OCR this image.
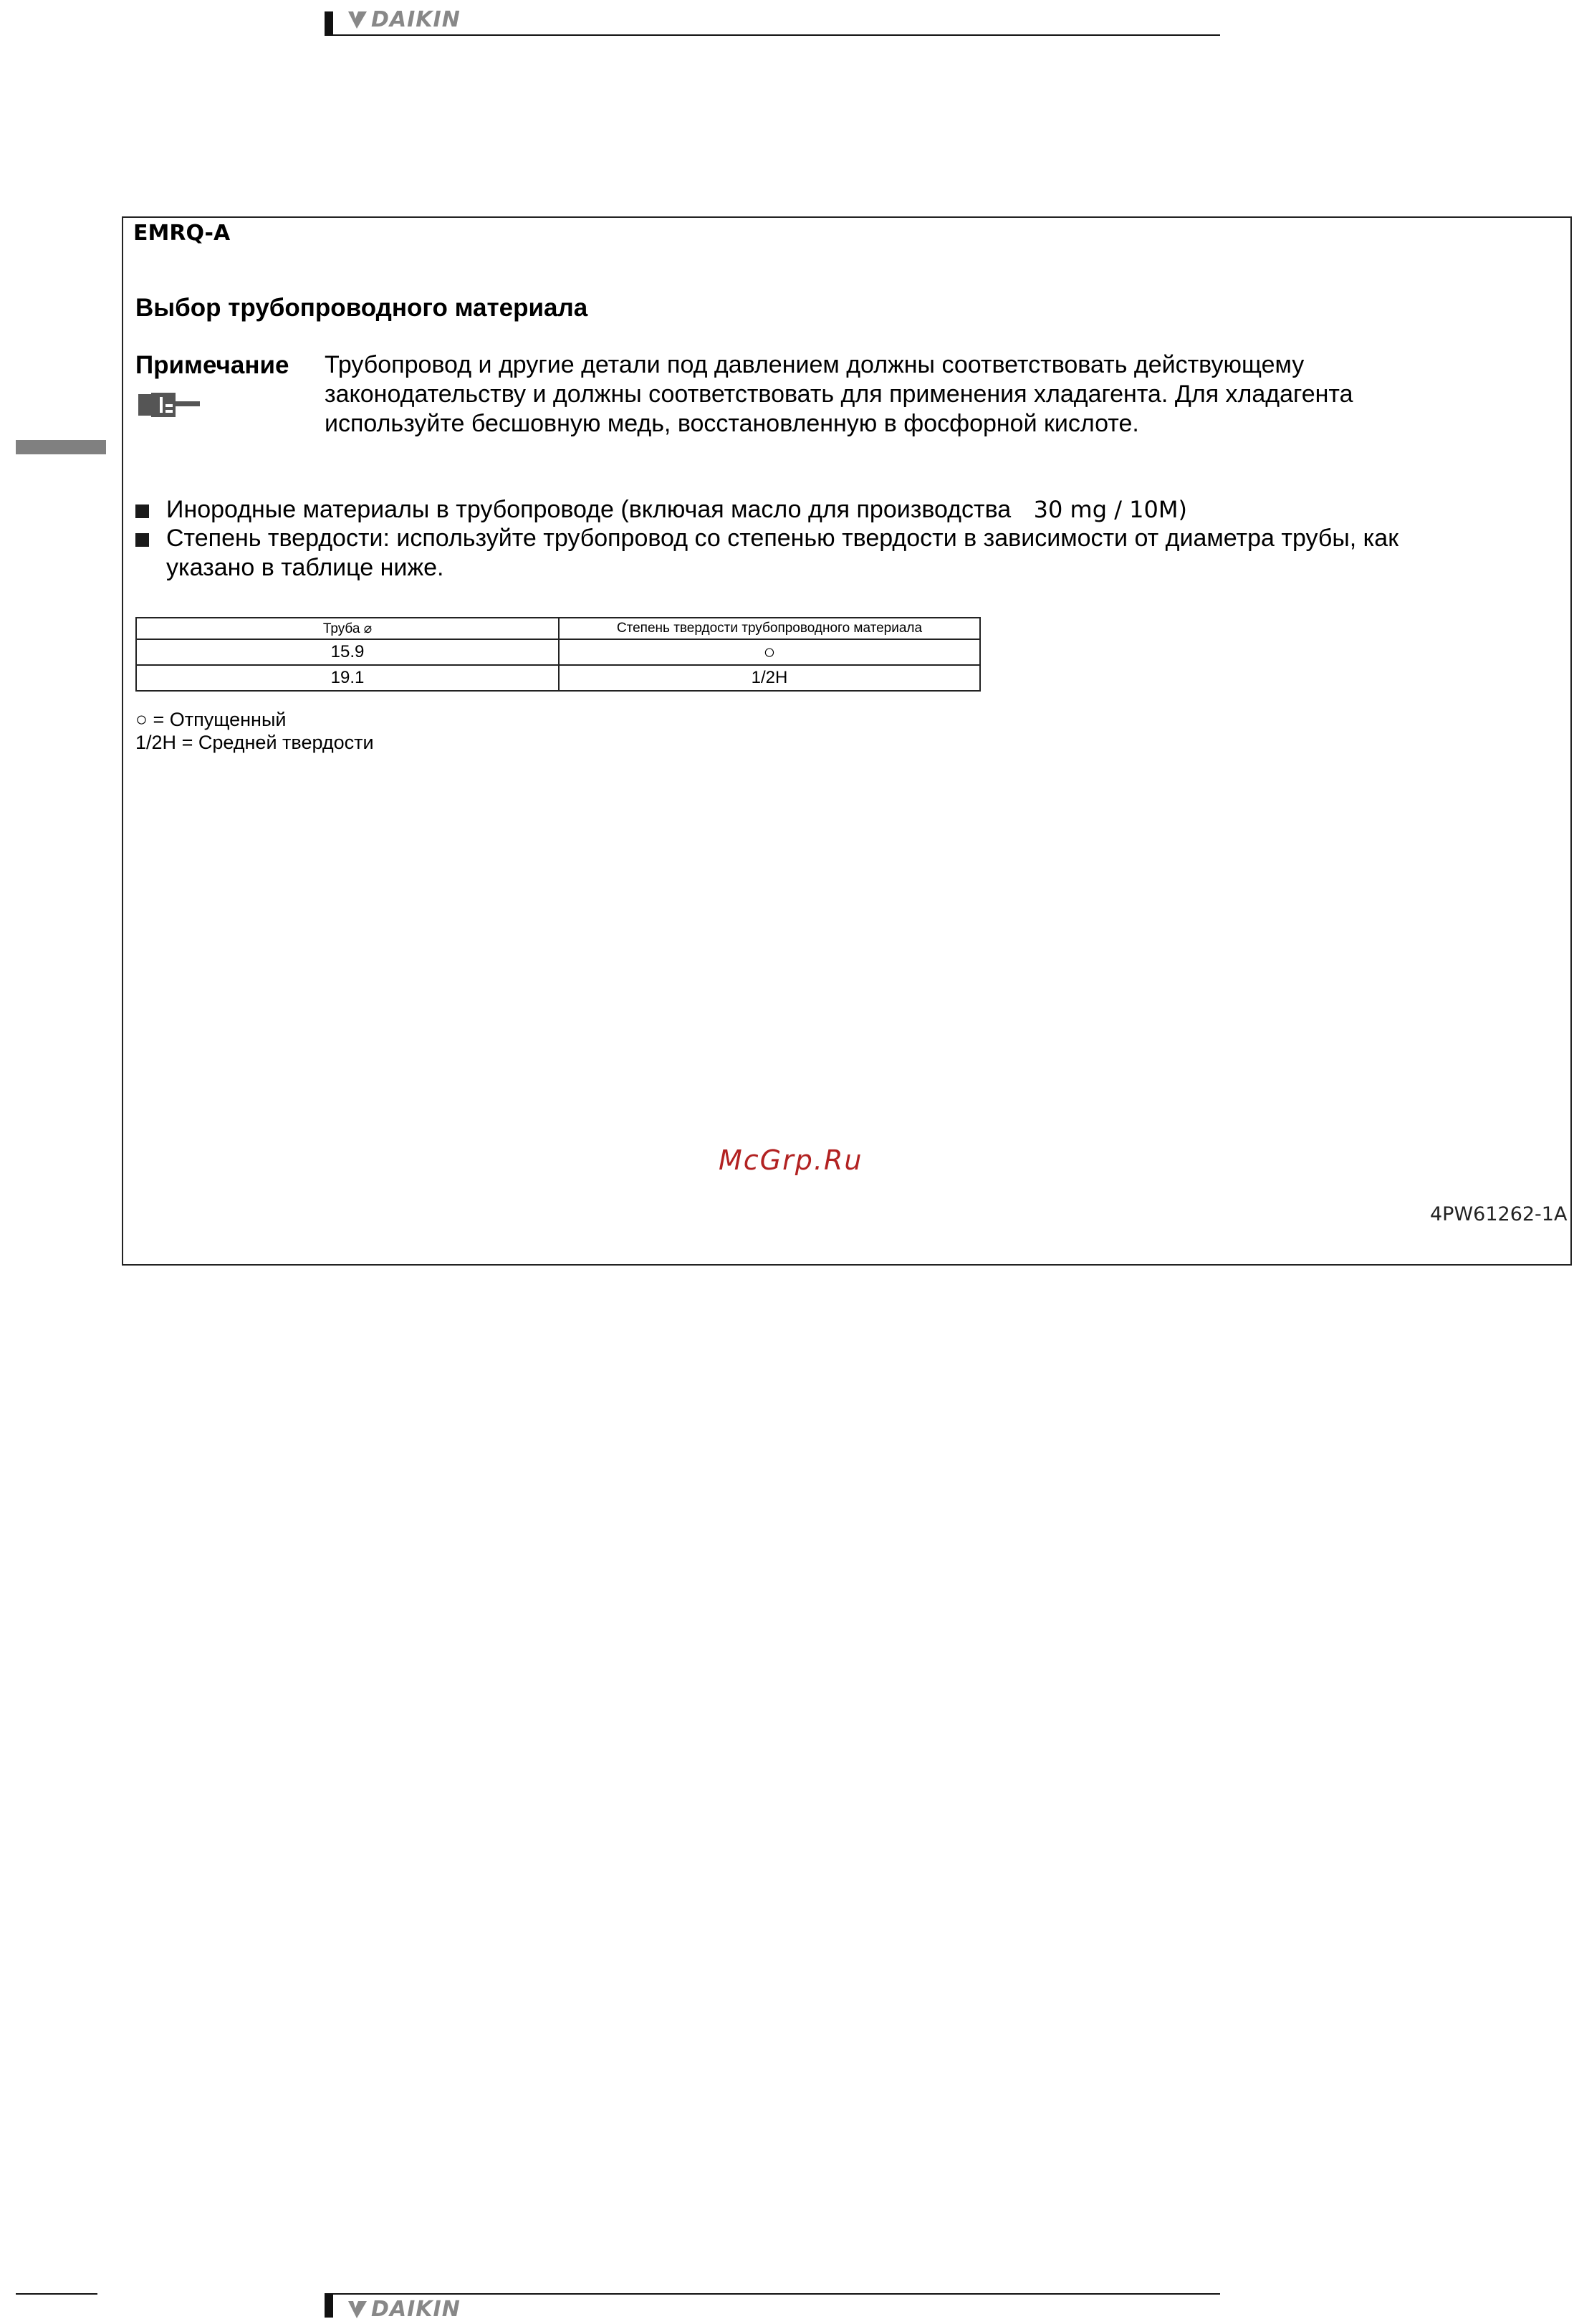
DAIKIN
EMRQ-A
Выбор трубопроводного материала
Примечание Трубопровод и другие детали под давлением должны соответствовать действующему
законодательству и должны соответствовать для применения хладагента. Для хладагента
используйте бесшовную медь, восстановленную в фосфорной кислоте.
Инородные материалы в трубопроводе (включая масло для производства 30 mg / 10M)
Степень твердости: используйте трубопровод со степенью твердости в зависимости от диаметра трубы, как
указано в таблице ниже.
Труба ⌀	Степень твердости трубопроводного материала
15.9	○
19.1	1/2H
○ = Отпущенный
1/2H = Средней твердости
McGrp.Ru
4PW61262-1A
DAIKIN
